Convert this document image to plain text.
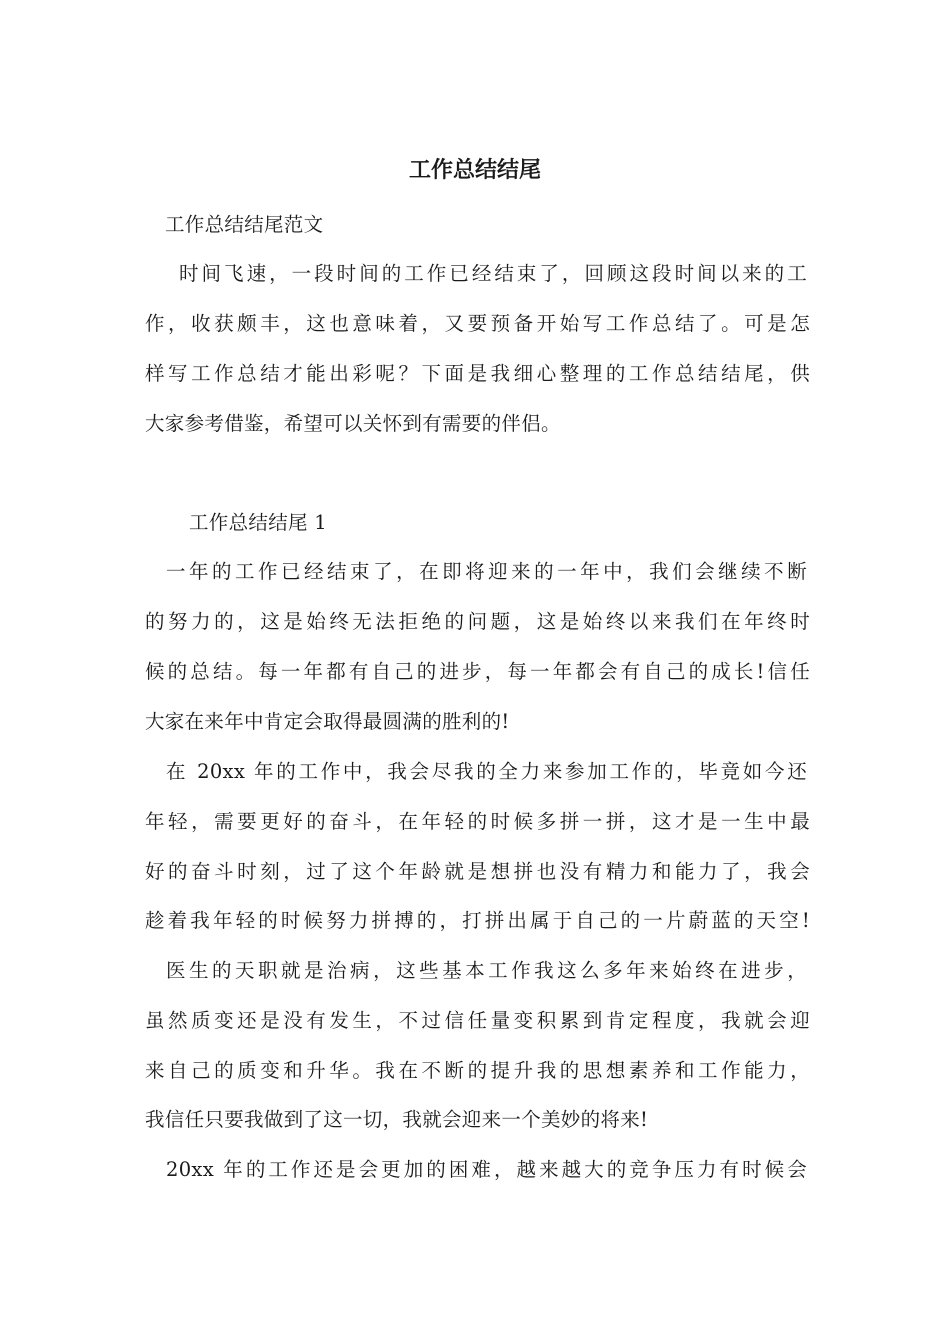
工作总结结尾
工作总结结尾范文
时间飞速，一段时间的工作已经结束了，回顾这段时间以来的工
作，收获颇丰，这也意味着，又要预备开始写工作总结了。可是怎
样写工作总结才能出彩呢？下面是我细心整理的工作总结结尾，供
大家参考借鉴，希望可以关怀到有需要的伴侣。
工作总结结尾 1
一年的工作已经结束了，在即将迎来的一年中，我们会继续不断
的努力的，这是始终无法拒绝的问题，这是始终以来我们在年终时
候的总结。每一年都有自己的进步，每一年都会有自己的成长!信任
大家在来年中肯定会取得最圆满的胜利的!
在 20xx 年的工作中，我会尽我的全力来参加工作的，毕竟如今还
年轻，需要更好的奋斗，在年轻的时候多拼一拼，这才是一生中最
好的奋斗时刻，过了这个年龄就是想拼也没有精力和能力了，我会
趁着我年轻的时候努力拼搏的，打拼出属于自己的一片蔚蓝的天空!
医生的天职就是治病，这些基本工作我这么多年来始终在进步，
虽然质变还是没有发生，不过信任量变积累到肯定程度，我就会迎
来自己的质变和升华。我在不断的提升我的思想素养和工作能力，
我信任只要我做到了这一切，我就会迎来一个美妙的将来!
20xx 年的工作还是会更加的困难，越来越大的竞争压力有时候会
